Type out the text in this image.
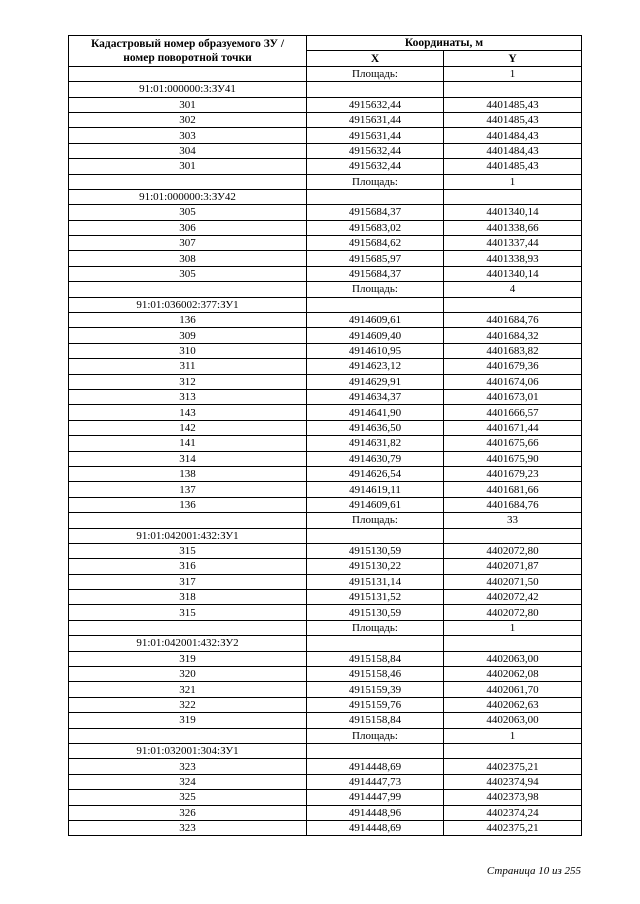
Кадастровый номер образуемого ЗУ /
номер поворотной точки	Координаты, м	
	X	Y
	Площадь:	1
91:01:000000:3:ЗУ41		
301	4915632,44	4401485,43
302	4915631,44	4401485,43
303	4915631,44	4401484,43
304	4915632,44	4401484,43
301	4915632,44	4401485,43
	Площадь:	1
91:01:000000:3:ЗУ42		
305	4915684,37	4401340,14
306	4915683,02	4401338,66
307	4915684,62	4401337,44
308	4915685,97	4401338,93
305	4915684,37	4401340,14
	Площадь:	4
91:01:036002:377:ЗУ1		
136	4914609,61	4401684,76
309	4914609,40	4401684,32
310	4914610,95	4401683,82
311	4914623,12	4401679,36
312	4914629,91	4401674,06
313	4914634,37	4401673,01
143	4914641,90	4401666,57
142	4914636,50	4401671,44
141	4914631,82	4401675,66
314	4914630,79	4401675,90
138	4914626,54	4401679,23
137	4914619,11	4401681,66
136	4914609,61	4401684,76
	Площадь:	33
91:01:042001:432:ЗУ1		
315	4915130,59	4402072,80
316	4915130,22	4402071,87
317	4915131,14	4402071,50
318	4915131,52	4402072,42
315	4915130,59	4402072,80
	Площадь:	1
91:01:042001:432:ЗУ2		
319	4915158,84	4402063,00
320	4915158,46	4402062,08
321	4915159,39	4402061,70
322	4915159,76	4402062,63
319	4915158,84	4402063,00
	Площадь:	1
91:01:032001:304:ЗУ1		
323	4914448,69	4402375,21
324	4914447,73	4402374,94
325	4914447,99	4402373,98
326	4914448,96	4402374,24
323	4914448,69	4402375,21
Страница 10 из 255
